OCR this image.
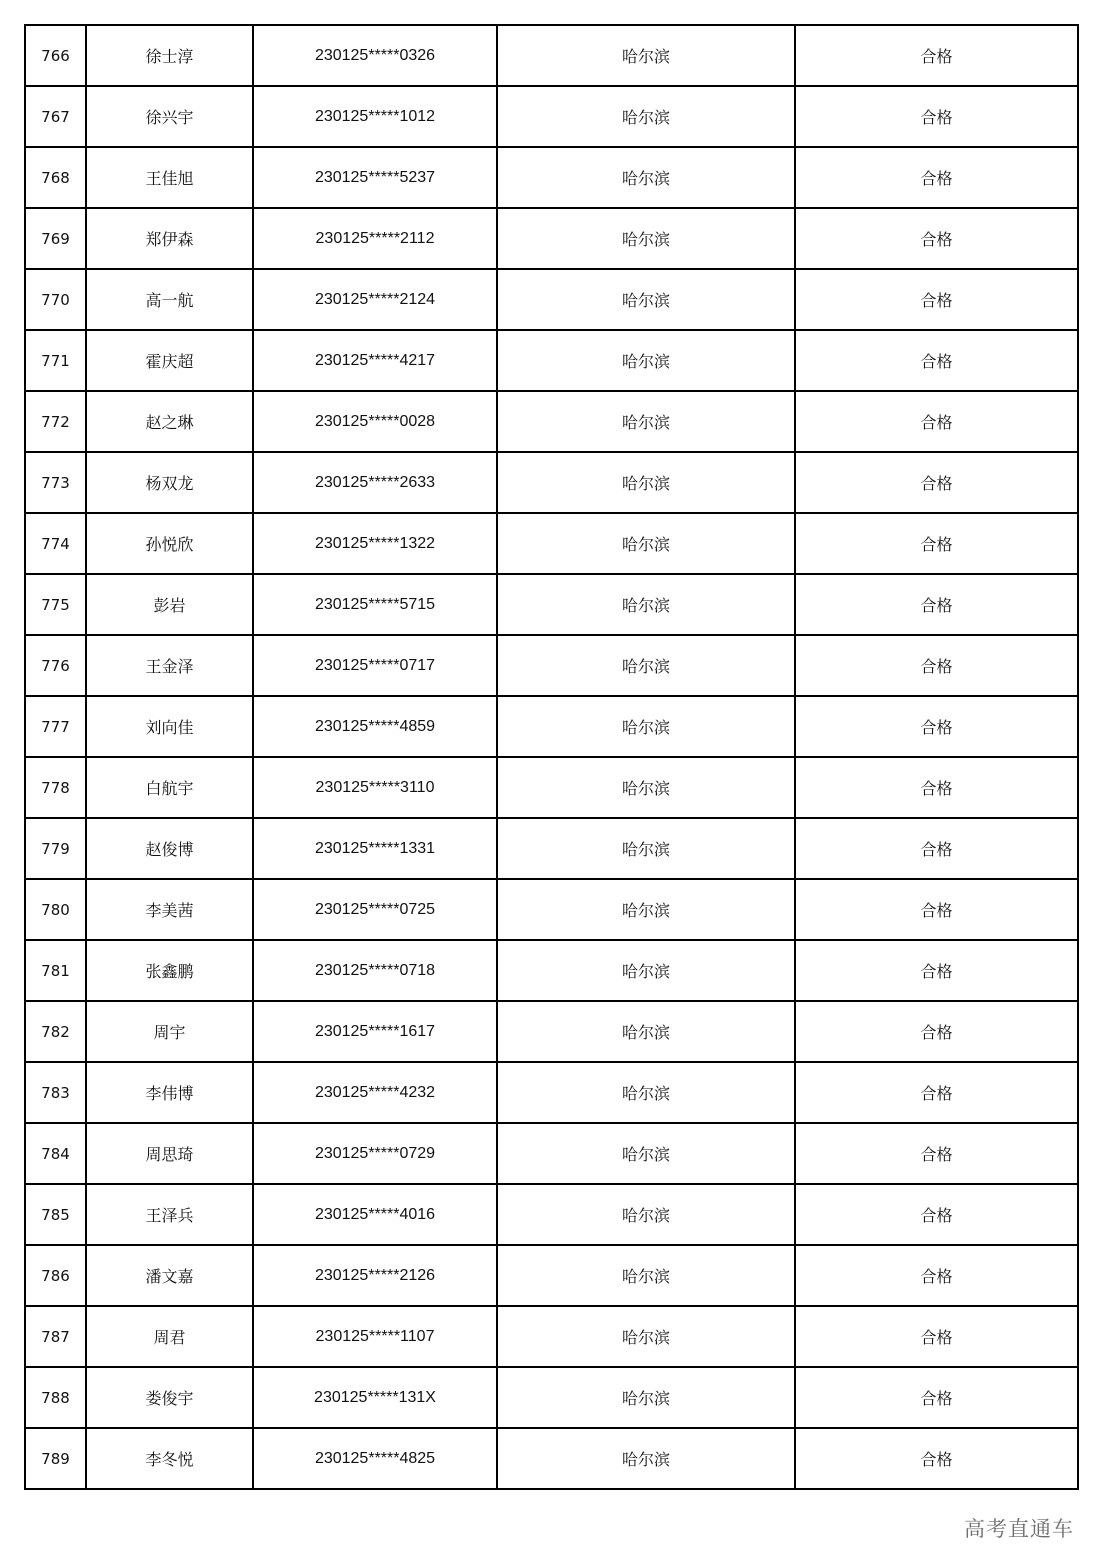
766	徐士淳	230125*****0326	哈尔滨	合格
767	徐兴宇	230125*****1012	哈尔滨	合格
768	王佳旭	230125*****5237	哈尔滨	合格
769	郑伊森	230125*****2112	哈尔滨	合格
770	高一航	230125*****2124	哈尔滨	合格
771	霍庆超	230125*****4217	哈尔滨	合格
772	赵之琳	230125*****0028	哈尔滨	合格
773	杨双龙	230125*****2633	哈尔滨	合格
774	孙悦欣	230125*****1322	哈尔滨	合格
775	彭岩	230125*****5715	哈尔滨	合格
776	王金泽	230125*****0717	哈尔滨	合格
777	刘向佳	230125*****4859	哈尔滨	合格
778	白航宇	230125*****3110	哈尔滨	合格
779	赵俊博	230125*****1331	哈尔滨	合格
780	李美茜	230125*****0725	哈尔滨	合格
781	张鑫鹏	230125*****0718	哈尔滨	合格
782	周宇	230125*****1617	哈尔滨	合格
783	李伟博	230125*****4232	哈尔滨	合格
784	周思琦	230125*****0729	哈尔滨	合格
785	王泽兵	230125*****4016	哈尔滨	合格
786	潘文嘉	230125*****2126	哈尔滨	合格
787	周君	230125*****1107	哈尔滨	合格
788	娄俊宇	230125*****131X	哈尔滨	合格
789	李冬悦	230125*****4825	哈尔滨	合格
高考直通车
